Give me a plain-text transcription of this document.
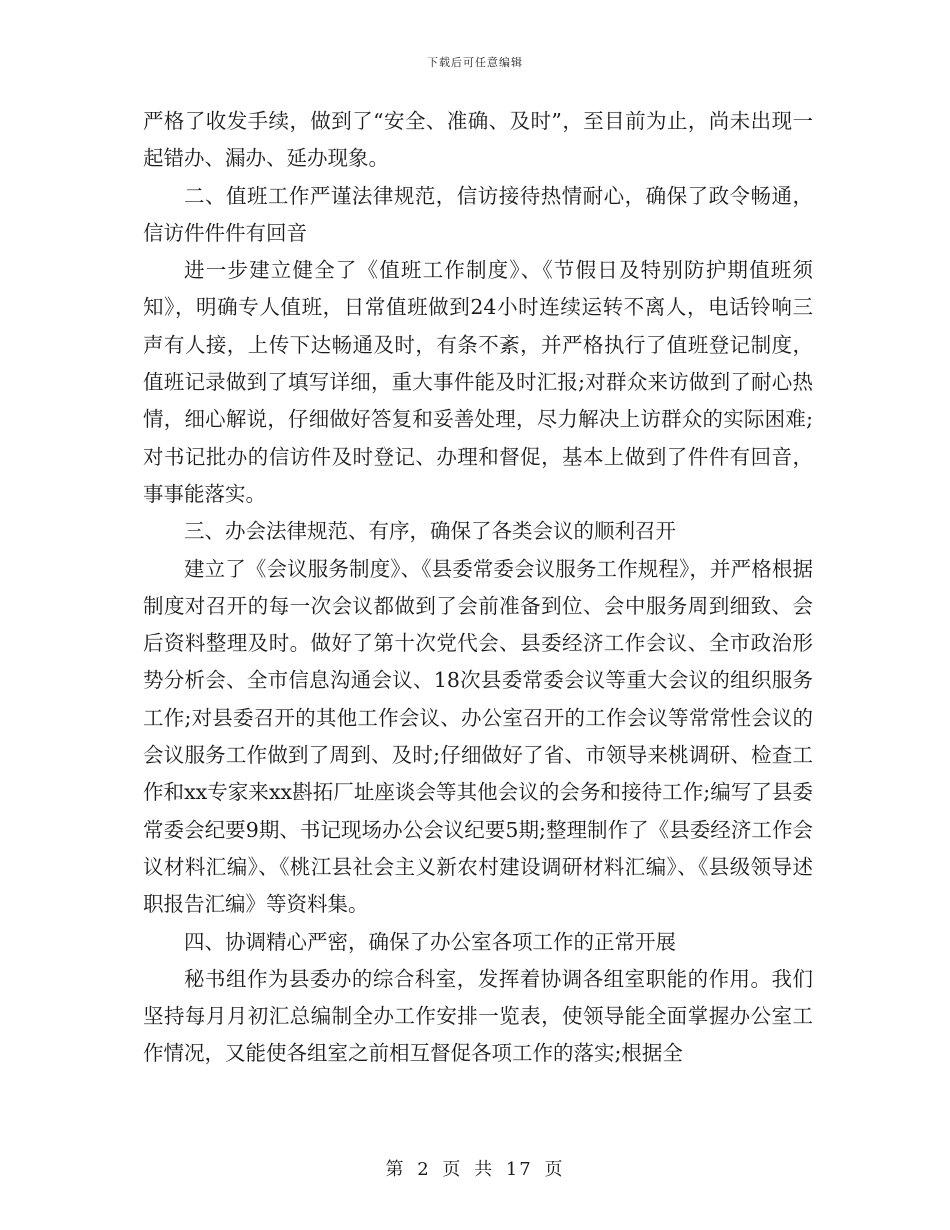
下载后可任意编辑

严格了收发手续，做到了“安全、准确、及时”，至目前为止，尚未出现一起错办、漏办、延办现象。

二、值班工作严谨法律规范，信访接待热情耐心，确保了政令畅通，信访件件件有回音

进一步建立健全了《值班工作制度》、《节假日及特别防护期值班须知》，明确专人值班，日常值班做到24小时连续运转不离人，电话铃响三声有人接，上传下达畅通及时，有条不紊，并严格执行了值班登记制度，值班记录做到了填写详细，重大事件能及时汇报;对群众来访做到了耐心热情，细心解说，仔细做好答复和妥善处理，尽力解决上访群众的实际困难;对书记批办的信访件及时登记、办理和督促，基本上做到了件件有回音，事事能落实。

三、办会法律规范、有序，确保了各类会议的顺利召开

建立了《会议服务制度》、《县委常委会议服务工作规程》，并严格根据制度对召开的每一次会议都做到了会前准备到位、会中服务周到细致、会后资料整理及时。做好了第十次党代会、县委经济工作会议、全市政治形势分析会、全市信息沟通会议、18次县委常委会议等重大会议的组织服务工作;对县委召开的其他工作会议、办公室召开的工作会议等常常性会议的会议服务工作做到了周到、及时;仔细做好了省、市领导来桃调研、检查工作和xx专家来xx斟拓厂址座谈会等其他会议的会务和接待工作;编写了县委常委会纪要9期、书记现场办公会议纪要5期;整理制作了《县委经济工作会议材料汇编》、《桃江县社会主义新农村建设调研材料汇编》、《县级领导述职报告汇编》等资料集。

四、协调精心严密，确保了办公室各项工作的正常开展

秘书组作为县委办的综合科室，发挥着协调各组室职能的作用。我们坚持每月月初汇总编制全办工作安排一览表，使领导能全面掌握办公室工作情况，又能使各组室之前相互督促各项工作的落实;根据全

第 2 页 共 17 页
